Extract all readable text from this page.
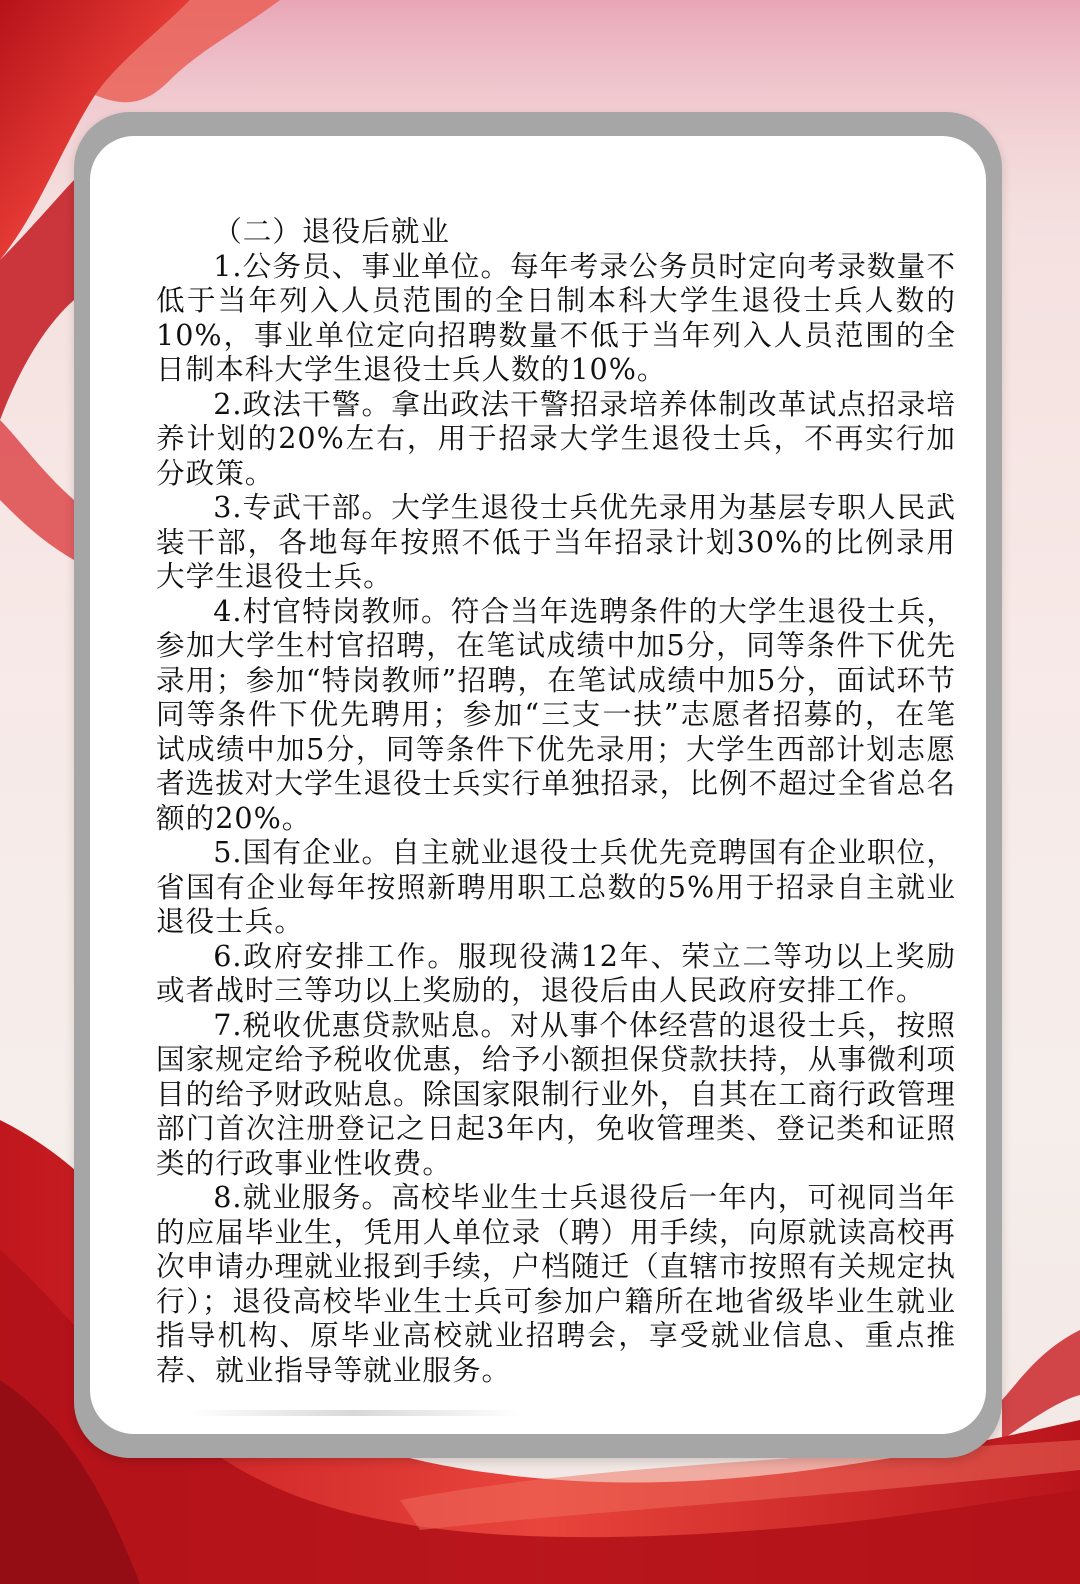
（二）退役后就业

1.公务员、事业单位。每年考录公务员时定向考录数量不低于当年列入人员范围的全日制本科大学生退役士兵人数的10%，事业单位定向招聘数量不低于当年列入人员范围的全日制本科大学生退役士兵人数的10%。

2.政法干警。拿出政法干警招录培养体制改革试点招录培养计划的20%左右，用于招录大学生退役士兵，不再实行加分政策。

3.专武干部。大学生退役士兵优先录用为基层专职人民武装干部，各地每年按照不低于当年招录计划30%的比例录用大学生退役士兵。

4.村官特岗教师。符合当年选聘条件的大学生退役士兵，参加大学生村官招聘，在笔试成绩中加5分，同等条件下优先录用；参加“特岗教师”招聘，在笔试成绩中加5分，面试环节同等条件下优先聘用；参加“三支一扶”志愿者招募的，在笔试成绩中加5分，同等条件下优先录用；大学生西部计划志愿者选拔对大学生退役士兵实行单独招录，比例不超过全省总名额的20%。

5.国有企业。自主就业退役士兵优先竞聘国有企业职位，省国有企业每年按照新聘用职工总数的5%用于招录自主就业退役士兵。

6.政府安排工作。服现役满12年、荣立二等功以上奖励或者战时三等功以上奖励的，退役后由人民政府安排工作。

7.税收优惠贷款贴息。对从事个体经营的退役士兵，按照国家规定给予税收优惠，给予小额担保贷款扶持，从事微利项目的给予财政贴息。除国家限制行业外，自其在工商行政管理部门首次注册登记之日起3年内，免收管理类、登记类和证照类的行政事业性收费。

8.就业服务。高校毕业生士兵退役后一年内，可视同当年的应届毕业生，凭用人单位录（聘）用手续，向原就读高校再次申请办理就业报到手续，户档随迁（直辖市按照有关规定执行）；退役高校毕业生士兵可参加户籍所在地省级毕业生就业指导机构、原毕业高校就业招聘会，享受就业信息、重点推荐、就业指导等就业服务。
